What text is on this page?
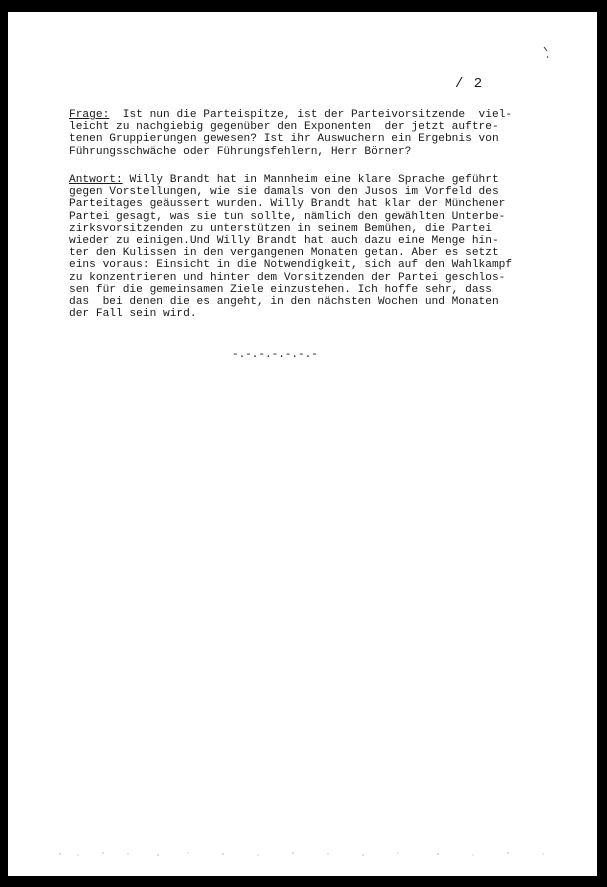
/ 2
Frage: Ist nun die Parteispitze, ist der Parteivorsitzende  viel-
leicht zu nachgiebig gegenüber den Exponenten  der jetzt auftre-
tenen Gruppierungen gewesen? Ist ihr Auswuchern ein Ergebnis von
Führungsschwäche oder Führungsfehlern, Herr Börner?
Antwort: Willy Brandt hat in Mannheim eine klare Sprache geführt
gegen Vorstellungen, wie sie damals von den Jusos im Vorfeld des
Parteitages geäussert wurden. Willy Brandt hat klar der Münchener
Partei gesagt, was sie tun sollte, nämlich den gewählten Unterbe-
zirksvorsitzenden zu unterstützen in seinem Bemühen, die Partei
wieder zu einigen.Und Willy Brandt hat auch dazu eine Menge hin-
ter den Kulissen in den vergangenen Monaten getan. Aber es setzt
eins voraus: Einsicht in die Notwendigkeit, sich auf den Wahlkampf
zu konzentrieren und hinter dem Vorsitzenden der Partei geschlos-
sen für die gemeinsamen Ziele einzustehen. Ich hoffe sehr, dass
das  bei denen die es angeht, in den nächsten Wochen und Monaten
der Fall sein wird.
-.-.-.-.-.-.-
